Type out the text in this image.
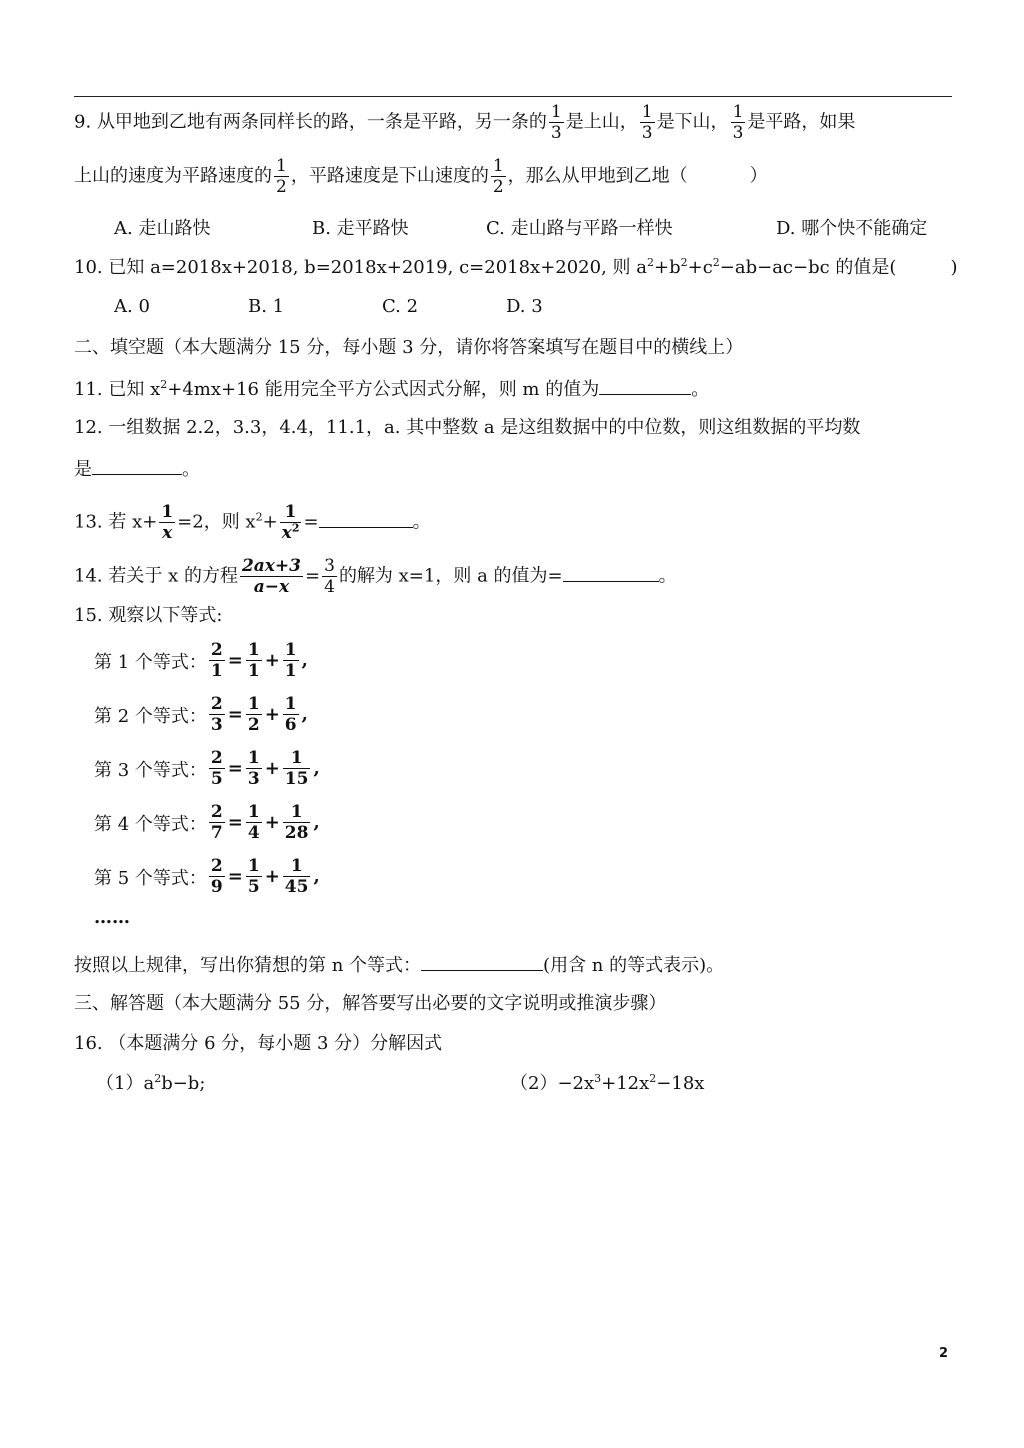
9. 从甲地到乙地有两条同样长的路，一条是平路，另一条的 $\frac{1}{3}$ 是上山， $\frac{1}{3}$ 是下山， $\frac{1}{3}$ 是平路，如果
上山的速度为平路速度的 $\frac{1}{2}$ ，平路速度是下山速度的 $\frac{1}{2}$ ，那么从甲地到乙地（	）
A. 走山路快	B. 走平路快	C. 走山路与平路一样快	D. 哪个快不能确定
10. 已知 a=2018x+2018, b=2018x+2019, c=2018x+2020, 则 $a^2+b^2+c^2-ab-ac-bc$ 的值是(	)
A. 0	B. 1	C. 2	D. 3
二、填空题（本大题满分 15 分，每小题 3 分，请你将答案填写在题目中的横线上）
11. 已知 $x^2+4mx+16$ 能用完全平方公式因式分解，则 m 的值为	。
12. 一组数据 2.2，3.3，4.4，11.1，a. 其中整数 a 是这组数据中的中位数，则这组数据的平均数
是	。
13. 若 $x+ \frac{1}{x} =2$，则 $x^2+ \frac{1}{x^2}$ =	。
14. 若关于 x 的方程 $\frac{2ax+3}{a-x} = \frac{3}{4}$ 的解为 x=1，则 a 的值为=	。
15. 观察以下等式:
第 1 个等式： $\frac{2}{1} = \frac{1}{1} + \frac{1}{1}$ ,
第 2 个等式： $\frac{2}{3} = \frac{1}{2} + \frac{1}{6}$ ,
第 3 个等式： $\frac{2}{5} = \frac{1}{3} + \frac{1}{15}$ ,
第 4 个等式： $\frac{2}{7} = \frac{1}{4} + \frac{1}{28}$ ,
第 5 个等式： $\frac{2}{9} = \frac{1}{5} + \frac{1}{45}$ ,
……
按照以上规律，写出你猜想的第 n 个等式：	(用含 n 的等式表示)。
三、解答题（本大题满分 55 分，解答要写出必要的文字说明或推演步骤）
16. （本题满分 6 分，每小题 3 分）分解因式
$(1)a^2b-b$;	$(2)-2x^3+12x^2-18x$
2
